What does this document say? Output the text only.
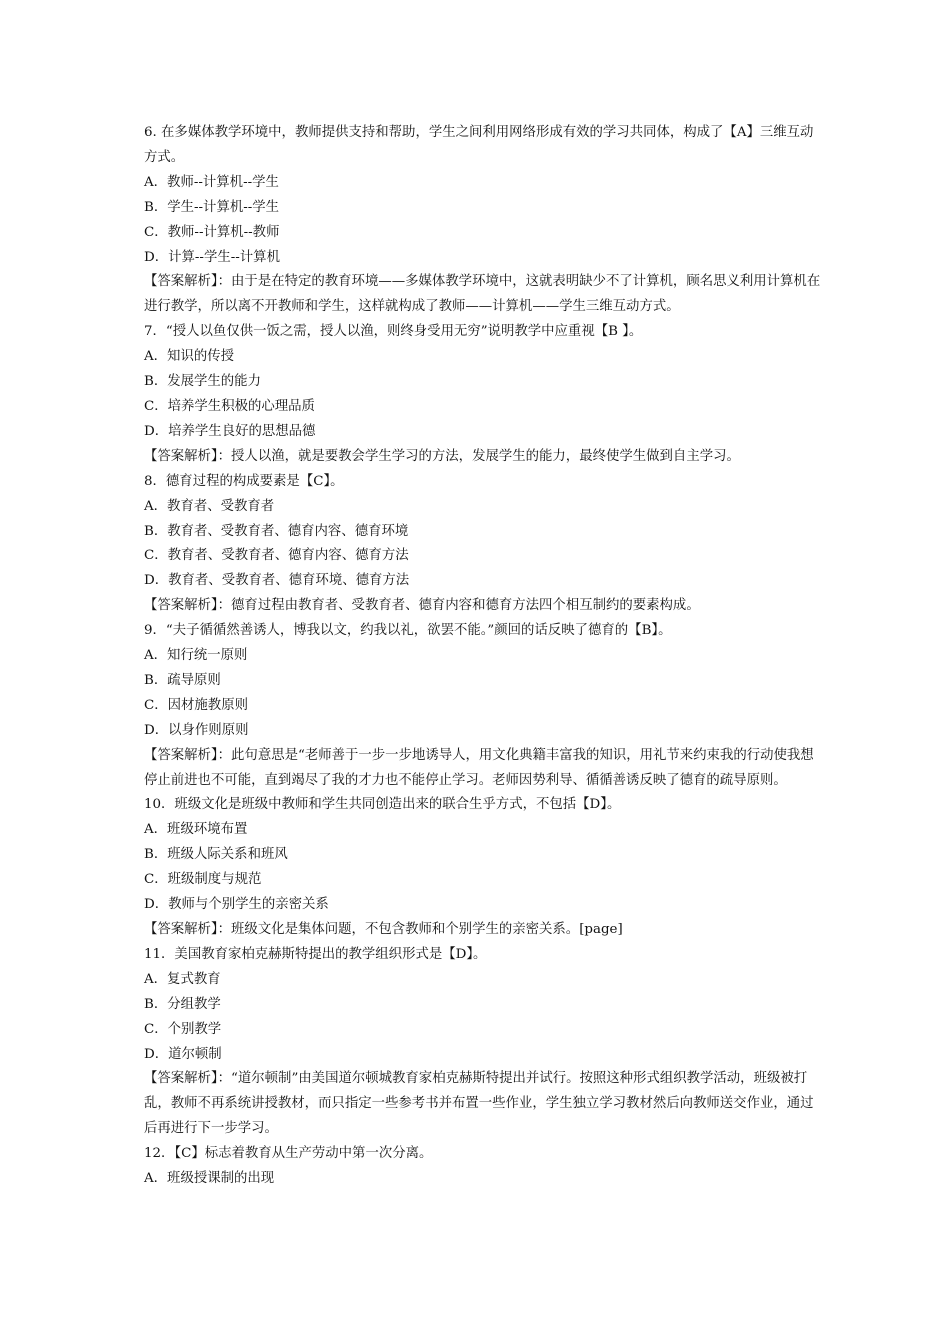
6. 在多媒体教学环境中，教师提供支持和帮助，学生之间利用网络形成有效的学习共同体，构成了【A】三维互动方式。
A．教师--计算机--学生
B．学生--计算机--学生
C．教师--计算机--教师
D．计算--学生--计算机
【答案解析】：由于是在特定的教育环境——多媒体教学环境中，这就表明缺少不了计算机，顾名思义利用计算机在进行教学，所以离不开教师和学生，这样就构成了教师——计算机——学生三维互动方式。
7．“授人以鱼仅供一饭之需，授人以渔，则终身受用无穷”说明教学中应重视【B 】。
A．知识的传授
B．发展学生的能力
C．培养学生积极的心理品质
D．培养学生良好的思想品德
【答案解析】：授人以渔，就是要教会学生学习的方法，发展学生的能力，最终使学生做到自主学习。
8．德育过程的构成要素是【C】。
A．教育者、受教育者
B．教育者、受教育者、德育内容、德育环境
C．教育者、受教育者、德育内容、德育方法
D．教育者、受教育者、德育环境、德育方法
【答案解析】：德育过程由教育者、受教育者、德育内容和德育方法四个相互制约的要素构成。
9．“夫子循循然善诱人，博我以文，约我以礼，欲罢不能。”颜回的话反映了德育的【B】。
A．知行统一原则
B．疏导原则
C．因材施教原则
D．以身作则原则
【答案解析】：此句意思是“老师善于一步一步地诱导人，用文化典籍丰富我的知识，用礼节来约束我的行动使我想停止前进也不可能，直到竭尽了我的才力也不能停止学习。老师因势利导、循循善诱反映了德育的疏导原则。
10．班级文化是班级中教师和学生共同创造出来的联合生乎方式，不包括【D】。
A．班级环境布置
B．班级人际关系和班风
C．班级制度与规范
D．教师与个别学生的亲密关系
【答案解析】：班级文化是集体问题，不包含教师和个别学生的亲密关系。[page]
11．美国教育家柏克赫斯特提出的教学组织形式是【D】。
A．复式教育
B．分组教学
C．个别教学
D．道尔顿制
【答案解析】：“道尔顿制”由美国道尔顿城教育家柏克赫斯特提出并试行。按照这种形式组织教学活动，班级被打乱，教师不再系统讲授教材，而只指定一些参考书并布置一些作业，学生独立学习教材然后向教师送交作业，通过后再进行下一步学习。
12．【C】标志着教育从生产劳动中第一次分离。
A．班级授课制的出现
